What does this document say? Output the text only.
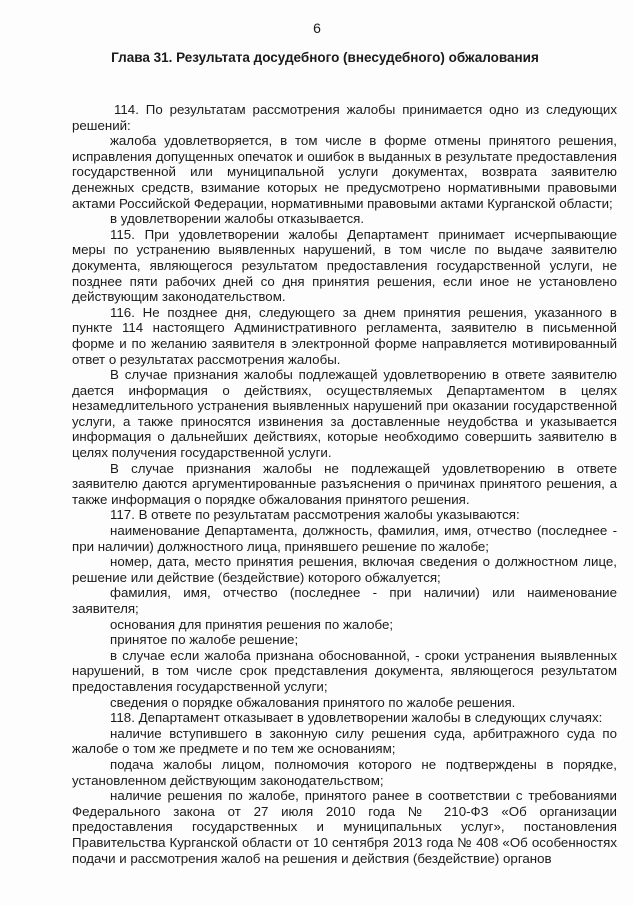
6
Глава 31. Результата досудебного (внесудебного) обжалования

114. По результатам рассмотрения жалобы принимается одно из следующих решений:

жалоба удовлетворяется, в том числе в форме отмены принятого решения, исправления допущенных опечаток и ошибок в выданных в результате предоставления государственной или муниципальной услуги документах, возврата заявителю денежных средств, взимание которых не предусмотрено нормативными правовыми актами Российской Федерации, нормативными правовыми актами Курганской области;

в удовлетворении жалобы отказывается.

115. При удовлетворении жалобы Департамент принимает исчерпывающие меры по устранению выявленных нарушений, в том числе по выдаче заявителю документа, являющегося результатом предоставления государственной услуги, не позднее пяти рабочих дней со дня принятия решения, если иное не установлено действующим законодательством.

116. Не позднее дня, следующего за днем принятия решения, указанного в пункте 114 настоящего Административного регламента, заявителю в письменной форме и по желанию заявителя в электронной форме направляется мотивированный ответ о результатах рассмотрения жалобы.

В случае признания жалобы подлежащей удовлетворению в ответе заявителю дается информация о действиях, осуществляемых Департаментом в целях незамедлительного устранения выявленных нарушений при оказании государственной услуги, а также приносятся извинения за доставленные неудобства и указывается информация о дальнейших действиях, которые необходимо совершить заявителю в целях получения государственной услуги.

В случае признания жалобы не подлежащей удовлетворению в ответе заявителю даются аргументированные разъяснения о причинах принятого решения, а также информация о порядке обжалования принятого решения.

117. В ответе по результатам рассмотрения жалобы указываются:

наименование Департамента, должность, фамилия, имя, отчество (последнее - при наличии) должностного лица, принявшего решение по жалобе;

номер, дата, место принятия решения, включая сведения о должностном лице, решение или действие (бездействие) которого обжалуется;

фамилия, имя, отчество (последнее - при наличии) или наименование заявителя;

основания для принятия решения по жалобе;

принятое по жалобе решение;

в случае если жалоба признана обоснованной, - сроки устранения выявленных нарушений, в том числе срок представления документа, являющегося результатом предоставления государственной услуги;

сведения о порядке обжалования принятого по жалобе решения.

118. Департамент отказывает в удовлетворении жалобы в следующих случаях:

наличие вступившего в законную силу решения суда, арбитражного суда по жалобе о том же предмете и по тем же основаниям;

подача жалобы лицом, полномочия которого не подтверждены в порядке, установленном действующим законодательством;

наличие решения по жалобе, принятого ранее в соответствии с требованиями Федерального закона от 27 июля 2010 года № 210-ФЗ «Об организации предоставления государственных и муниципальных услуг», постановления Правительства Курганской области от 10 сентября 2013 года № 408 «Об особенностях подачи и рассмотрения жалоб на решения и действия (бездействие) органов
